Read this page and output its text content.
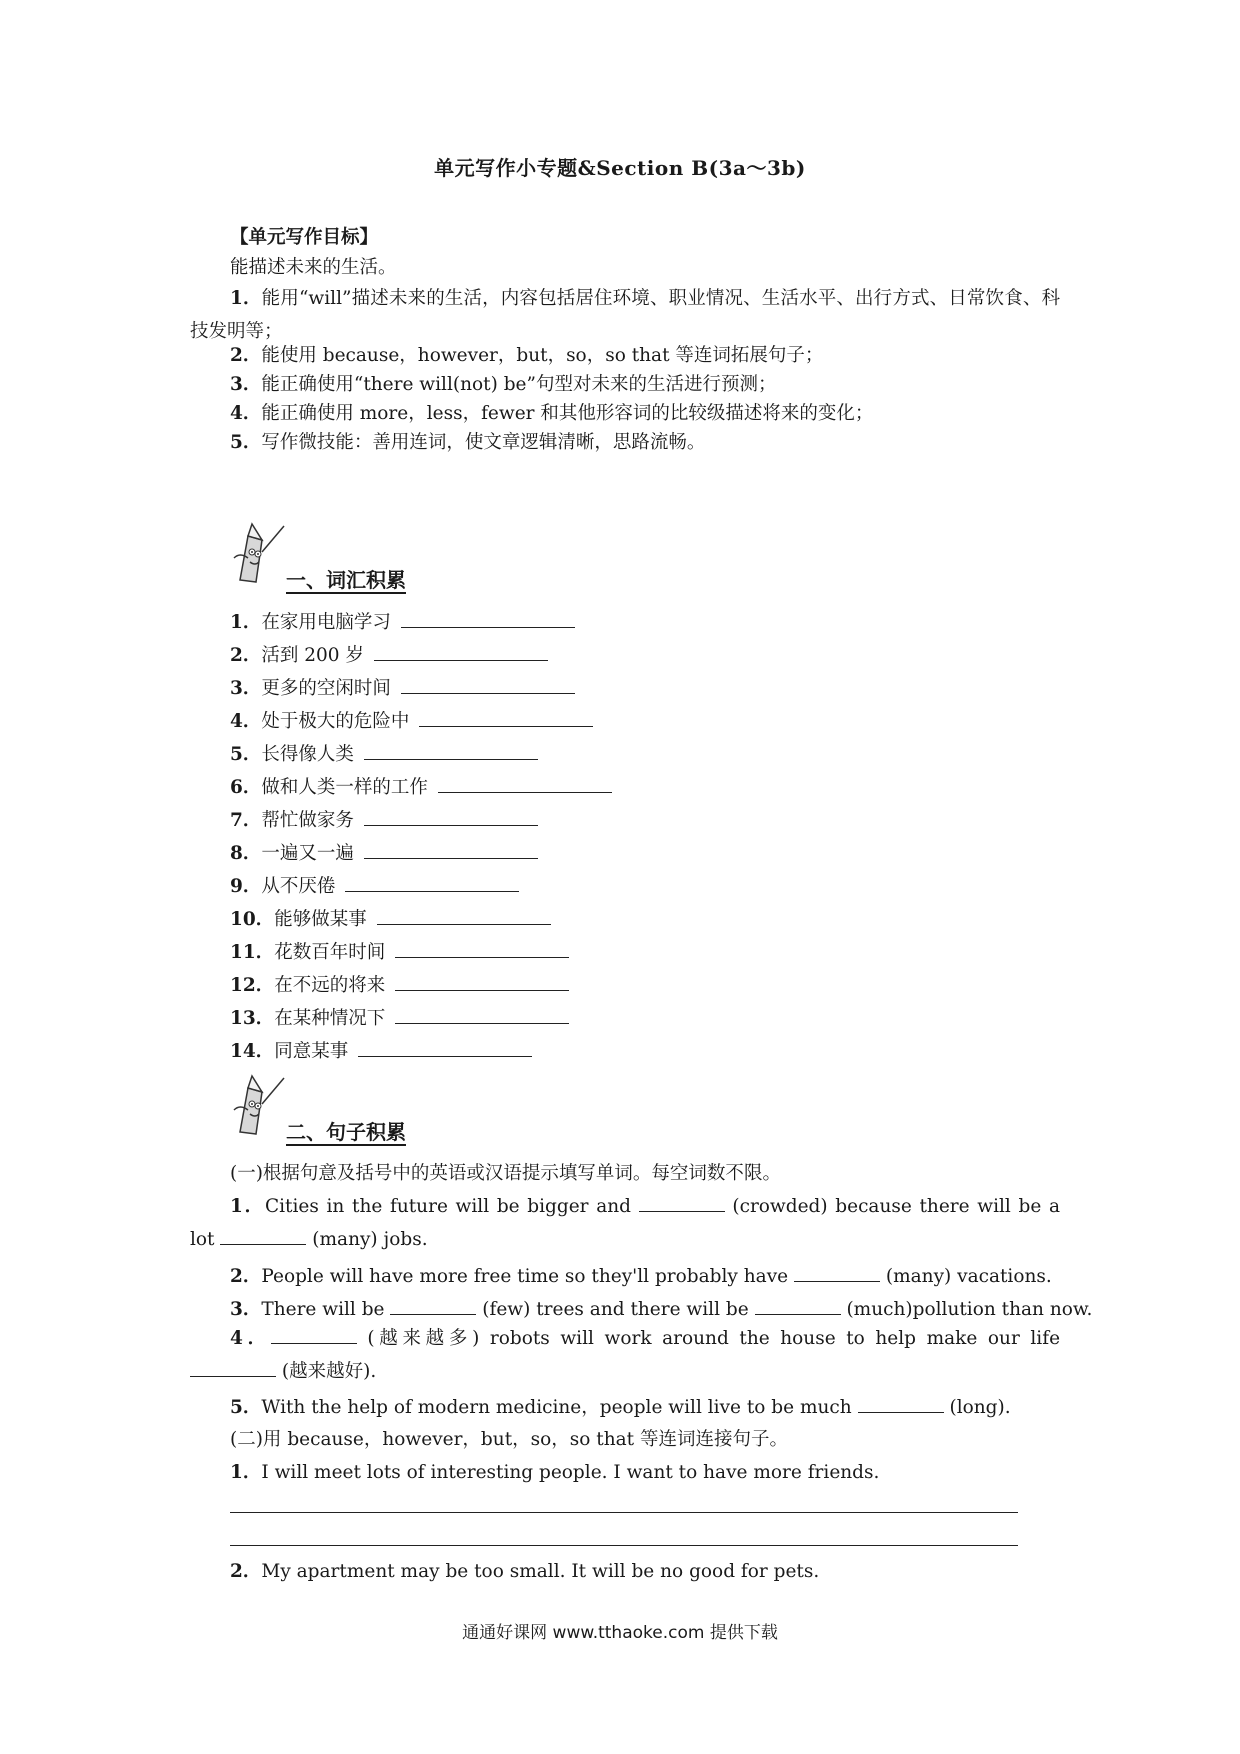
单元写作小专题&Section B(3a～3b)
【单元写作目标】
能描述未来的生活。
1．能用“will”描述未来的生活，内容包括居住环境、职业情况、生活水平、出行方式、日常饮食、科技发明等；
2．能使用 because，however，but，so，so that 等连词拓展句子；
3．能正确使用“there will(not) be”句型对未来的生活进行预测；
4．能正确使用 more，less，fewer 和其他形容词的比较级描述将来的变化；
5．写作微技能：善用连词，使文章逻辑清晰，思路流畅。
一、词汇积累
1．在家用电脑学习
2．活到 200 岁
3．更多的空闲时间
4．处于极大的危险中
5．长得像人类
6．做和人类一样的工作
7．帮忙做家务
8．一遍又一遍
9．从不厌倦
10．能够做某事
11．花数百年时间
12．在不远的将来
13．在某种情况下
14．同意某事
二、句子积累
(一)根据句意及括号中的英语或汉语提示填写单词。每空词数不限。
1．Cities in the future will be bigger and	(crowded) because there will be a lot	(many) jobs.
2．People will have more free time so they'll probably have	(many) vacations.
3．There will be	(few) trees and there will be	(much)pollution than now.
4．	(越来越多) robots will work around the house to help make our life  (越来越好).
5．With the help of modern medicine，people will live to be much	(long).
(二)用 because，however，but，so，so that 等连词连接句子。
1．I will meet lots of interesting people. I want to have more friends.
2．My apartment may be too small. It will be no good for pets.
通通好课网 www.tthaoke.com 提供下载
